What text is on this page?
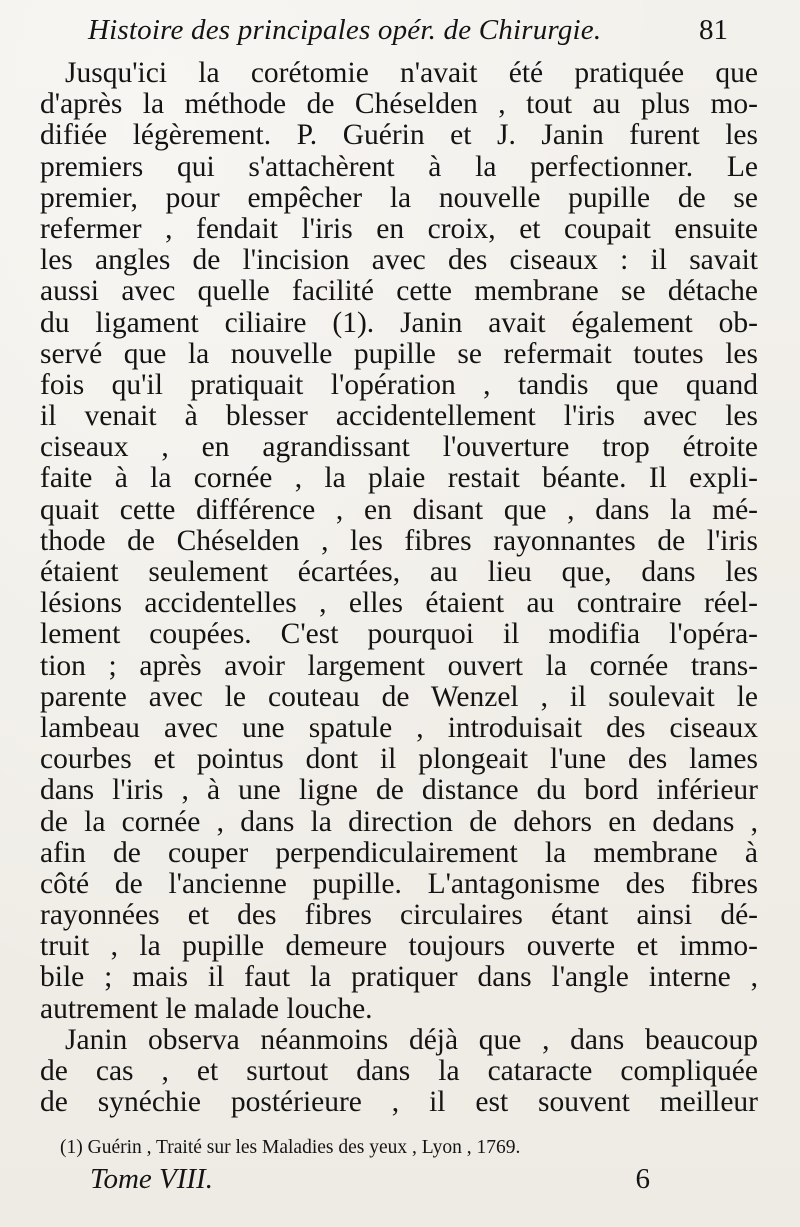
Histoire des principales opér. de Chirurgie.	81
Jusqu'ici la corétomie n'avait été pratiquée que
d'après la méthode de Chéselden , tout au plus mo-
difiée légèrement. P. Guérin et J. Janin furent les
premiers qui s'attachèrent à la perfectionner. Le
premier, pour empêcher la nouvelle pupille de se
refermer , fendait l'iris en croix, et coupait ensuite
les angles de l'incision avec des ciseaux : il savait
aussi avec quelle facilité cette membrane se détache
du ligament ciliaire (1). Janin avait également ob-
servé que la nouvelle pupille se refermait toutes les
fois qu'il pratiquait l'opération , tandis que quand
il venait à blesser accidentellement l'iris avec les
ciseaux , en agrandissant l'ouverture trop étroite
faite à la cornée , la plaie restait béante. Il expli-
quait cette différence , en disant que , dans la mé-
thode de Chéselden , les fibres rayonnantes de l'iris
étaient seulement écartées, au lieu que, dans les
lésions accidentelles , elles étaient au contraire réel-
lement coupées. C'est pourquoi il modifia l'opéra-
tion ; après avoir largement ouvert la cornée trans-
parente avec le couteau de Wenzel , il soulevait le
lambeau avec une spatule , introduisait des ciseaux
courbes et pointus dont il plongeait l'une des lames
dans l'iris , à une ligne de distance du bord inférieur
de la cornée , dans la direction de dehors en dedans ,
afin de couper perpendiculairement la membrane à
côté de l'ancienne pupille. L'antagonisme des fibres
rayonnées et des fibres circulaires étant ainsi dé-
truit , la pupille demeure toujours ouverte et immo-
bile ; mais il faut la pratiquer dans l'angle interne ,
autrement le malade louche.
Janin observa néanmoins déjà que , dans beaucoup
de cas , et surtout dans la cataracte compliquée
de synéchie postérieure , il est souvent meilleur
(1) Guérin , Traité sur les Maladies des yeux , Lyon , 1769.
Tome VIII.	6
